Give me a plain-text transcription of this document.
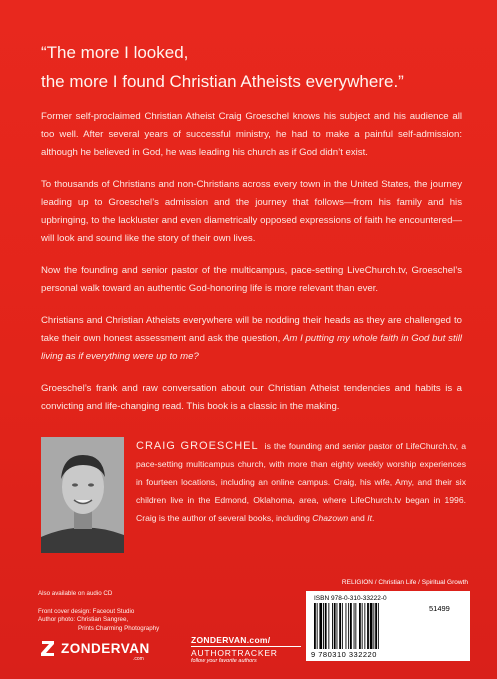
“The more I looked,
the more I found Christian Atheists everywhere.”

Former self-proclaimed Christian Atheist Craig Groeschel knows his subject and his audience all too well. After several years of successful ministry, he had to make a painful self-admission: although he believed in God, he was leading his church as if God didn’t exist.

To thousands of Christians and non-Christians across every town in the United States, the journey leading up to Groeschel’s admission and the journey that follows—from his family and his upbringing, to the lackluster and even diametrically opposed expressions of faith he encountered—will look and sound like the story of their own lives.

Now the founding and senior pastor of the multicampus, pace-setting LiveChurch.tv, Groeschel’s personal walk toward an authentic God-honoring life is more relevant than ever.

Christians and Christian Atheists everywhere will be nodding their heads as they are challenged to take their own honest assessment and ask the question, Am I putting my whole faith in God but still living as if everything were up to me?

Groeschel’s frank and raw conversation about our Christian Atheist tendencies and habits is a convicting and life-changing read. This book is a classic in the making.

CRAIG GROESCHEL is the founding and senior pastor of LifeChurch.tv, a pace-setting multicampus church, with more than eighty weekly worship experiences in fourteen locations, including an online campus. Craig, his wife, Amy, and their six children live in the Edmond, Oklahoma, area, where LifeChurch.tv began in 1996. Craig is the author of several books, including Chazown and It.
Also available on audio CD
Front cover design: Faceout Studio
Author photo: Christian Sangree,
Prints Charming Photography
ZONDERVAN
.com
ZONDERVAN.com/
AUTHORTRACKER
follow your favorite authors
RELIGION / Christian Life / Spiritual Growth
ISBN 978-0-310-33222-0
51499
9 780310 332220
